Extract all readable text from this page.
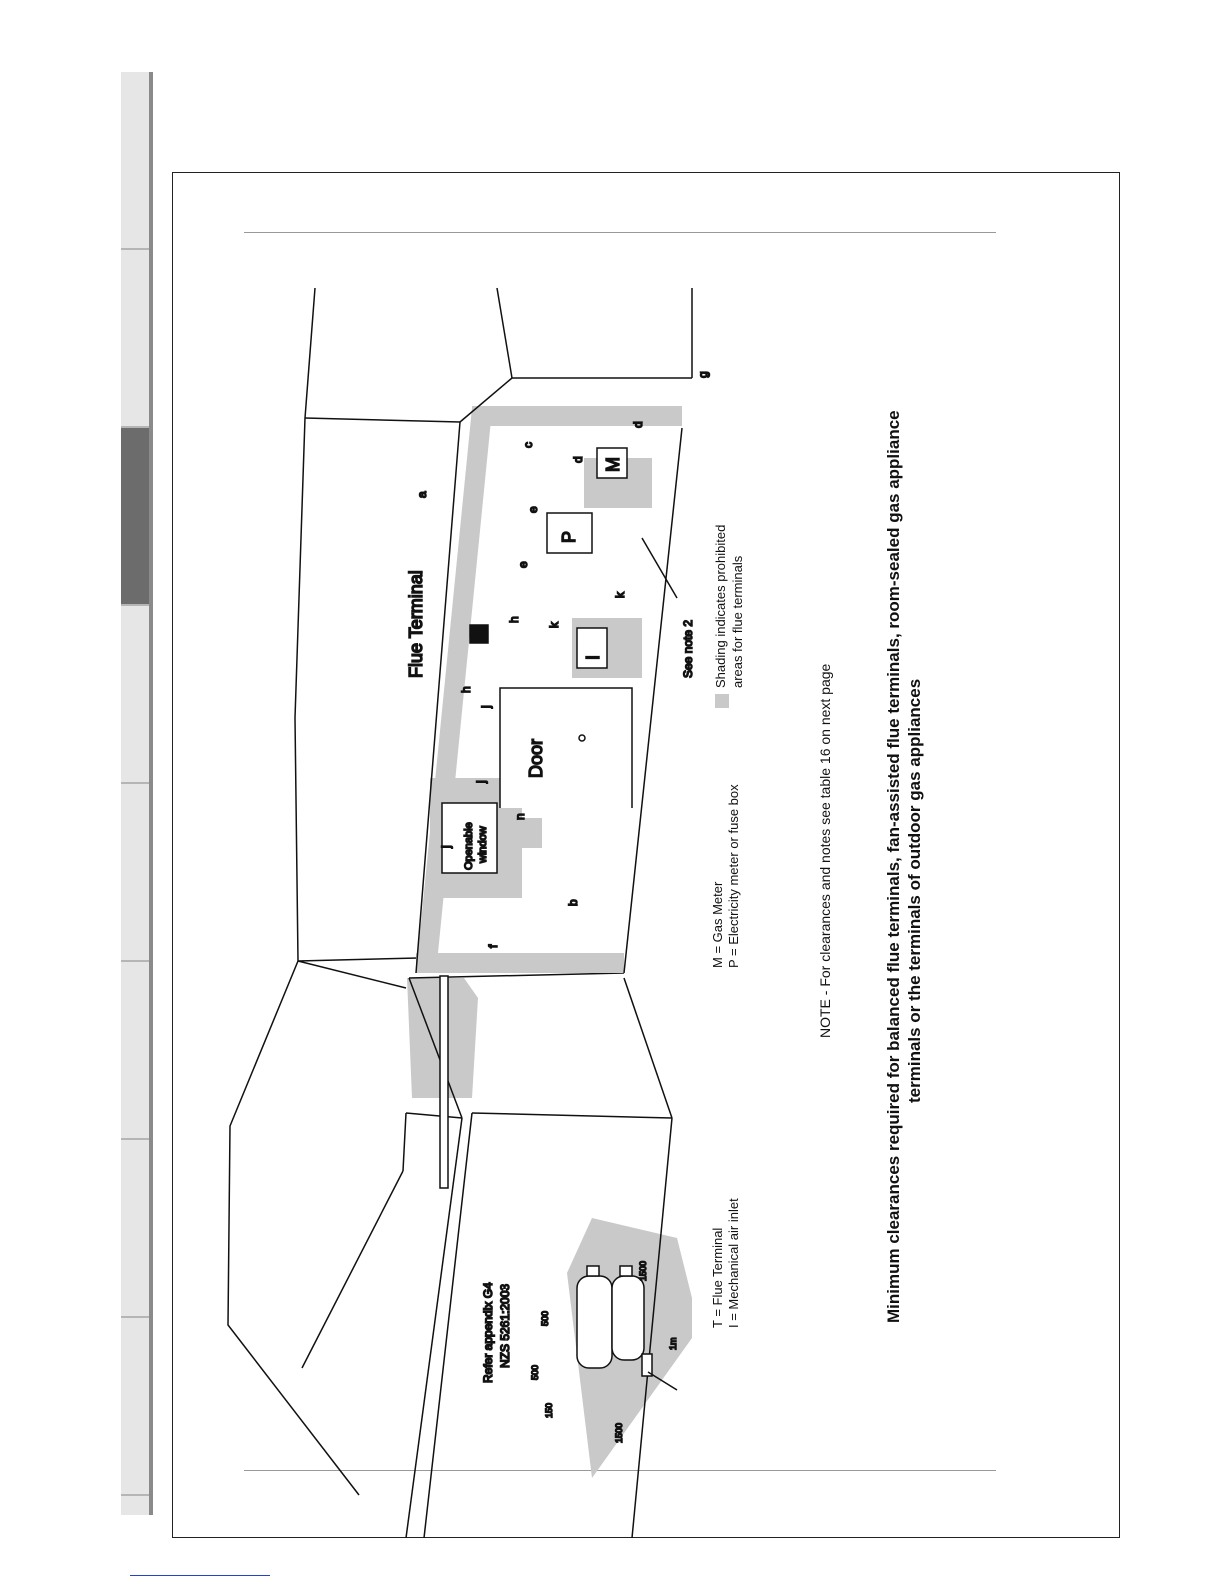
Refer appendix G4 NZS 5261:2003
1500
500
150
500
1500
1m
f
Openable window
Door
Flue Terminal	I
P
M
See note 2
a
b
c
d
d
e
e
g
h
h
j
j
j
k
k
n
T = Flue Terminal I = Mechanical air inlet
M = Gas Meter P = Electricity meter or fuse box
Shading indicates prohibited areas for flue terminals
NOTE - For clearances and notes see table 16 on next page	Minimum clearances required for balanced flue terminals, fan-assisted flue terminals, room-sealed gas appliance terminals or the terminals of outdoor gas appliances
